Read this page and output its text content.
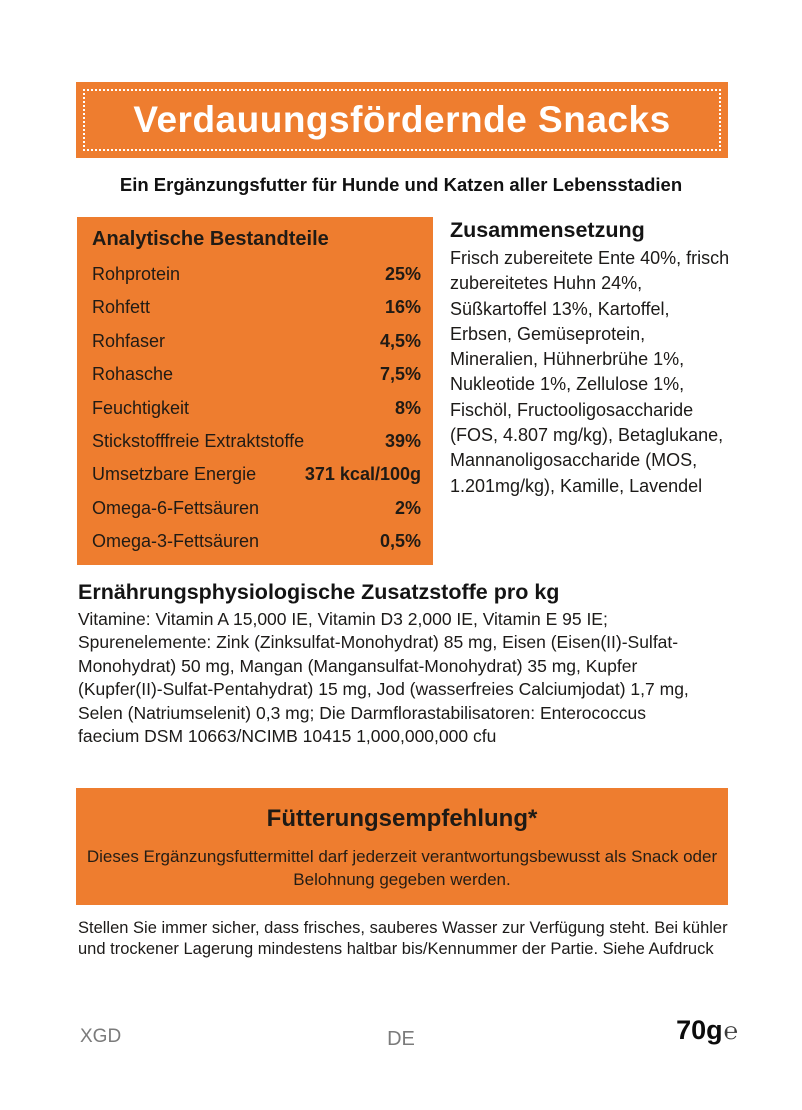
Verdauungsfördernde Snacks
Ein Ergänzungsfutter für Hunde und Katzen aller Lebensstadien
Analytische Bestandteile
Rohprotein	25%
Rohfett	16%
Rohfaser	4,5%
Rohasche	7,5%
Feuchtigkeit	8%
Stickstofffreie Extraktstoffe	39%
Umsetzbare Energie	371 kcal/100g
Omega-6-Fettsäuren	2%
Omega-3-Fettsäuren	0,5%
Zusammensetzung
Frisch zubereitete Ente 40%, frisch zubereitetes Huhn 24%, Süßkartoffel 13%, Kartoffel, Erbsen, Gemüseprotein, Mineralien, Hühnerbrühe 1%, Nukleotide 1%, Zellulose 1%, Fischöl, Fructooligosaccharide (FOS, 4.807 mg/kg), Betaglukane, Mannanoligosaccharide (MOS, 1.201mg/kg), Kamille, Lavendel
Ernährungsphysiologische Zusatzstoffe pro kg
Vitamine: Vitamin A 15,000 IE, Vitamin D3 2,000 IE, Vitamin E 95 IE; Spurenelemente: Zink (Zinksulfat-Monohydrat) 85 mg, Eisen (Eisen(II)-Sulfat-Monohydrat) 50 mg, Mangan (Mangansulfat-Monohydrat) 35 mg, Kupfer (Kupfer(II)-Sulfat-Pentahydrat) 15 mg, Jod (wasserfreies Calciumjodat) 1,7 mg, Selen (Natriumselenit) 0,3 mg; Die Darmflorastabilisatoren: Enterococcus faecium DSM 10663/NCIMB 10415 1,000,000,000 cfu
Fütterungsempfehlung*
Dieses Ergänzungsfuttermittel darf jederzeit verantwortungsbewusst als Snack oder Belohnung gegeben werden.
Stellen Sie immer sicher, dass frisches, sauberes Wasser zur Verfügung steht. Bei kühler und trockener Lagerung mindestens haltbar bis/Kennummer der Partie. Siehe Aufdruck
XGD	DE	70g℮
